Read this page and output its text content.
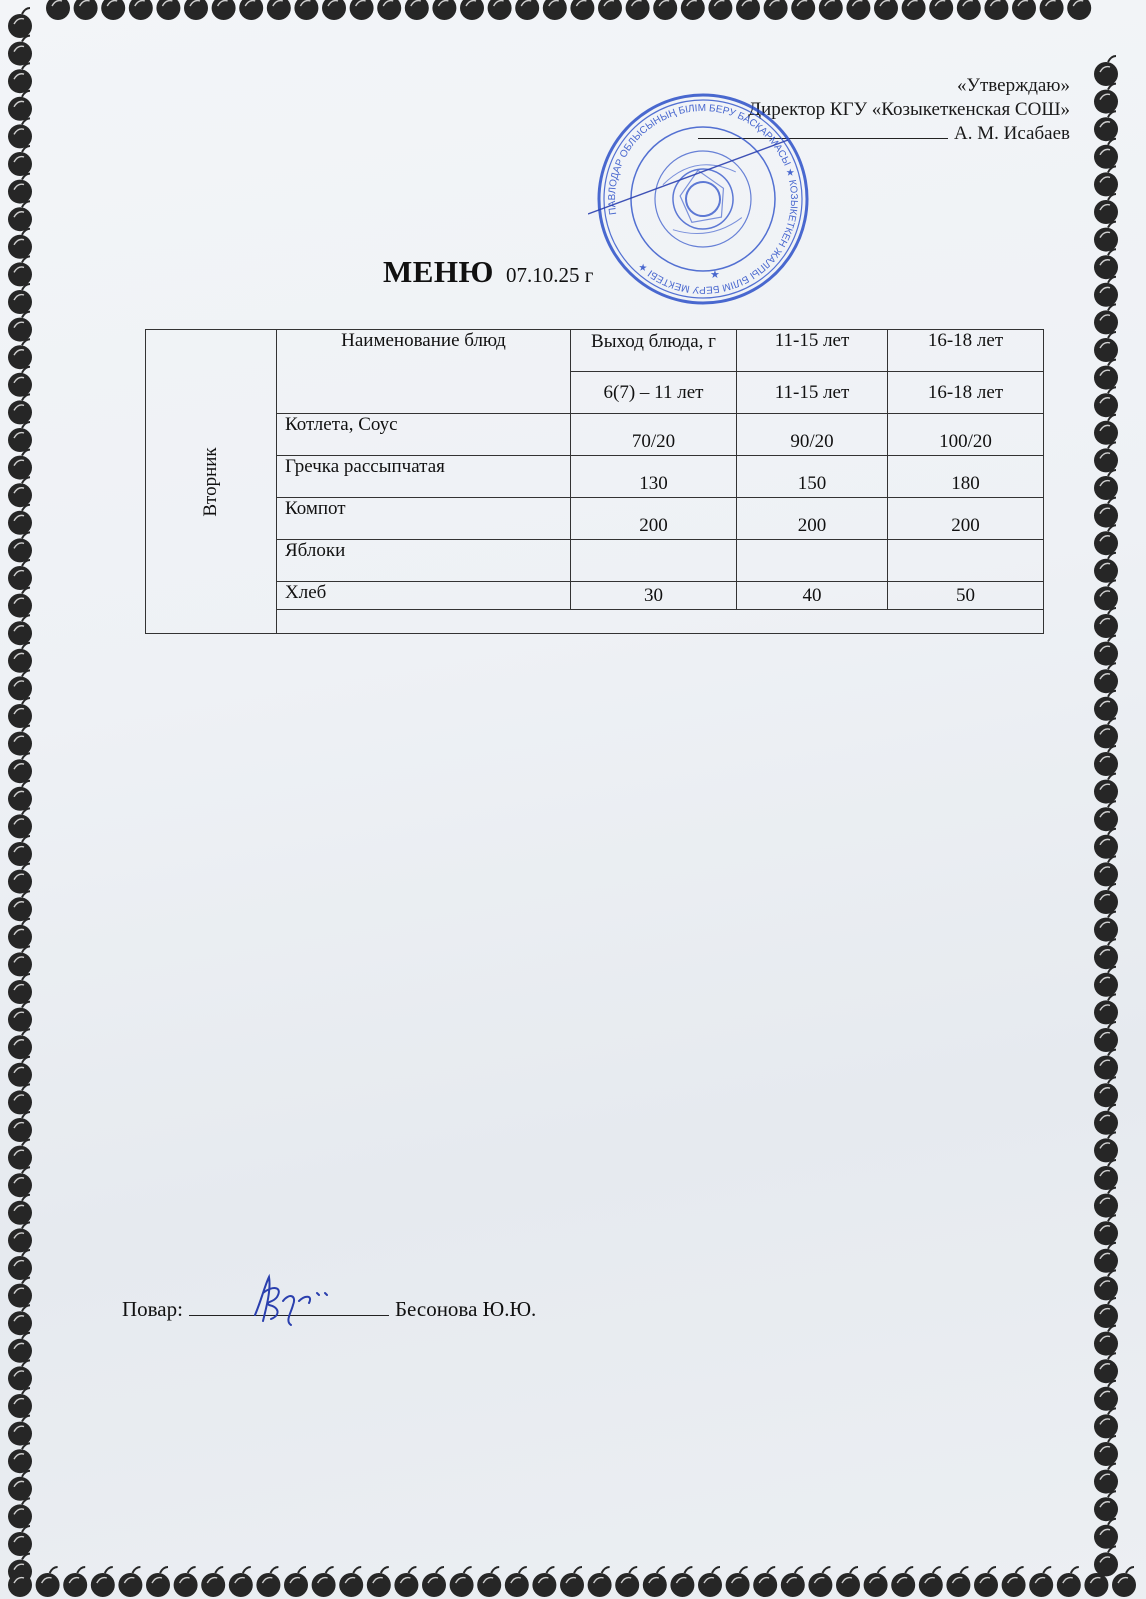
«Утверждаю»
Директор КГУ «Козыкеткенская СОШ»
А. М. Исабаев
ПАВЛОДАР ОБЛЫСЫНЫҢ БІЛІМ БЕРУ БАСҚАРМАСЫ ★ КОЗЫКЕТКЕН ЖАЛПЫ БІЛІМ БЕРУ МЕКТЕБІ ★
★
МЕНЮ 07.10.25 г
Вторник	Наименование блюд	Выход блюда, г	11-15 лет	16-18 лет
		6(7) – 11 лет	11-15 лет	16-18 лет
	Котлета, Соус	70/20	90/20	100/20
	Гречка рассыпчатая	130	150	180
	Компот	200	200	200
	Яблоки			
	Хлеб	30	40	50

Повар:	Бесонова Ю.Ю.
